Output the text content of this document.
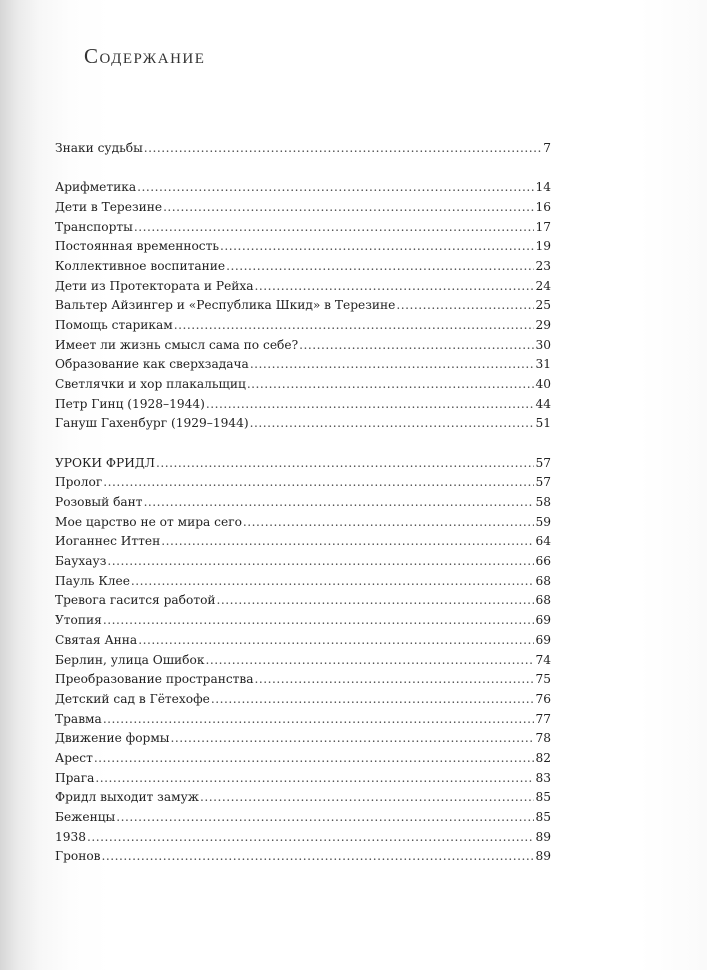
Содержание
Знаки судьбы .....	7
Арифметика .....	14
Дети в Терезине .....	16
Транспорты .....	17
Постоянная временность .....	19
Коллективное воспитание .....	23
Дети из Протектората и Рейха .....	24
Вальтер Айзингер и «Республика Шкид» в Терезине .....	25
Помощь старикам .....	29
Имеет ли жизнь смысл сама по себе? .....	30
Образование как сверхзадача .....	31
Светлячки и хор плакальщиц .....	40
Петр Гинц (1928–1944) .....	44
Гануш Гахенбург (1929–1944) .....	51
УРОКИ ФРИДЛ .....	57
Пролог .....	57
Розовый бант .....	58
Мое царство не от мира сего .....	59
Иоганнес Иттен .....	64
Баухауз .....	66
Пауль Клее .....	68
Тревога гасится работой .....	68
Утопия .....	69
Святая Анна .....	69
Берлин, улица Ошибок .....	74
Преобразование пространства .....	75
Детский сад в Гётехофе .....	76
Травма .....	77
Движение формы .....	78
Арест .....	82
Прага .....	83
Фридл выходит замуж .....	85
Беженцы .....	85
1938 .....	89
Гронов .....	89
